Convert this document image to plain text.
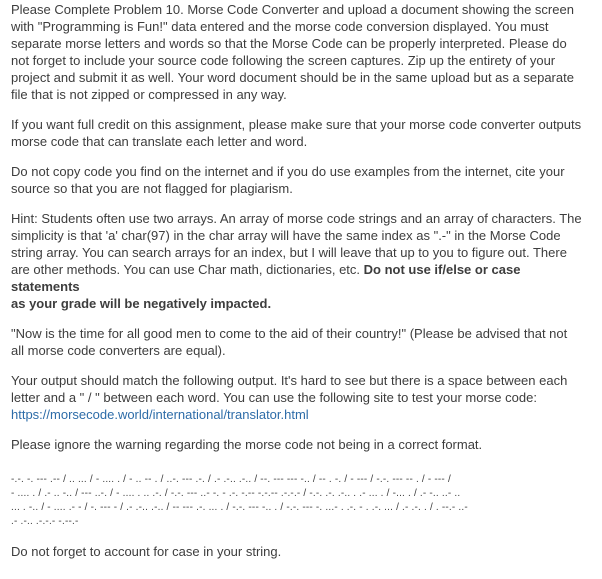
Please Complete Problem 10. Morse Code Converter and upload a document showing the screen
with "Programming is Fun!" data entered and the morse code conversion displayed. You must
separate morse letters and words so that the Morse Code can be properly interpreted. Please do
not forget to include your source code following the screen captures. Zip up the entirety of your
project and submit it as well. Your word document should be in the same upload but as a separate
file that is not zipped or compressed in any way.

If you want full credit on this assignment, please make sure that your morse code converter outputs
morse code that can translate each letter and word.

Do not copy code you find on the internet and if you do use examples from the internet, cite your
source so that you are not flagged for plagiarism.

Hint: Students often use two arrays. An array of morse code strings and an array of characters. The
simplicity is that 'a' char(97) in the char array will have the same index as ".-" in the Morse Code
string array. You can search arrays for an index, but I will leave that up to you to figure out. There
are other methods. You can use Char math, dictionaries, etc. Do not use if/else or case statements
as your grade will be negatively impacted.

"Now is the time for all good men to come to the aid of their country!" (Please be advised that not
all morse code converters are equal).

Your output should match the following output. It's hard to see but there is a space between each
letter and a " / " between each word. You can use the following site to test your morse code:
https://morsecode.world/international/translator.html

Please ignore the warning regarding the morse code not being in a correct format.

-.-. -. --- .-- / .. ... / - .... . / - .. -- . / ..-. --- .-. / .- .-.. .-.. / --. --- --- -.. / -- . -. / - --- / -.-. --- -- . / - --- /
- .... . / .- .. -.. / --- ..-. / - .... . .. .-. / -.-. --- ..- -. - .-. -.-- -.-.-- .-.-.- / -.-. .-. .-.. . .- ... . / -... . / .- -.. ..- ..
... . -.. / - .... .- - / -. --- - / .- .-.. .-.. / -- --- .-. ... . / -.-. --- -.. . / -.-. --- -. ...- . .-. - . .-. ... / .- .-. . / . --.- ..-
.- .-.. .-.-.- -.--.-

Do not forget to account for case in your string.
